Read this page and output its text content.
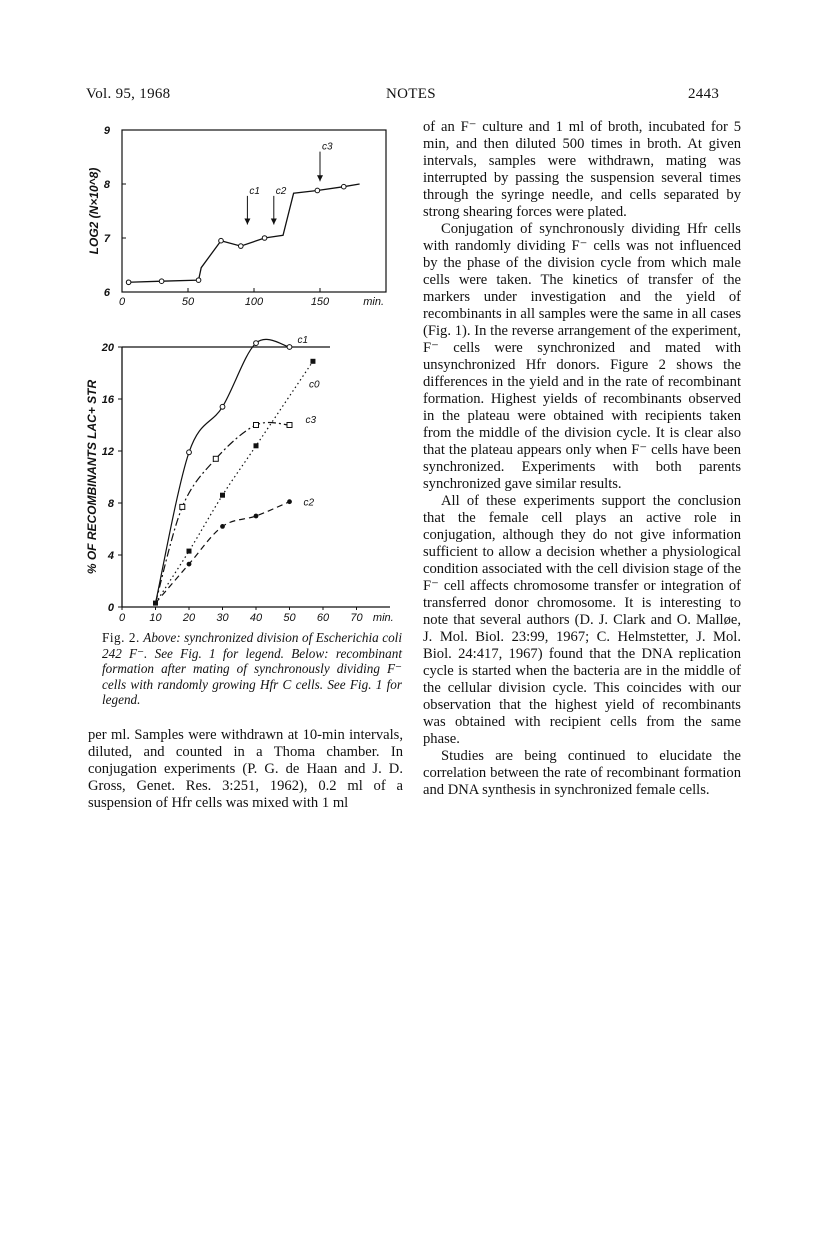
Vol. 95, 1968	NOTES	2443
6
7
8
9
0	50	100	150	min.
LOG2 (N×10^8)	c1 c2
c3
0
4
8
12
16
20
0 10 20 30 40 50 60 70 min.
% OF RECOMBINANTS LAC+ STR
c1
c0
c3
c2
Fig. 2. Above: synchronized division of Escherichia coli 242 F⁻. See Fig. 1 for legend. Below: recombinant formation after mating of synchronously dividing F⁻ cells with randomly growing Hfr C cells. See Fig. 1 for legend.

per ml. Samples were withdrawn at 10-min intervals, diluted, and counted in a Thoma chamber. In conjugation experiments (P. G. de Haan and J. D. Gross, Genet. Res. 3:251, 1962), 0.2 ml of a suspension of Hfr cells was mixed with 1 ml

of an F⁻ culture and 1 ml of broth, incubated for 5 min, and then diluted 500 times in broth. At given intervals, samples were withdrawn, mating was interrupted by passing the suspension several times through the syringe needle, and cells separated by strong shearing forces were plated.

Conjugation of synchronously dividing Hfr cells with randomly dividing F⁻ cells was not influenced by the phase of the division cycle from which male cells were taken. The kinetics of transfer of the markers under investigation and the yield of recombinants in all samples were the same in all cases (Fig. 1). In the reverse arrangement of the experiment, F⁻ cells were synchronized and mated with unsynchronized Hfr donors. Figure 2 shows the differences in the yield and in the rate of recombinant formation. Highest yields of recombinants observed in the plateau were obtained with recipients taken from the middle of the division cycle. It is clear also that the plateau appears only when F⁻ cells have been synchronized. Experiments with both parents synchronized gave similar results.

All of these experiments support the conclusion that the female cell plays an active role in conjugation, although they do not give information sufficient to allow a decision whether a physiological condition associated with the cell division stage of the F⁻ cell affects chromosome transfer or integration of transferred donor chromosome. It is interesting to note that several authors (D. J. Clark and O. Malløe, J. Mol. Biol. 23:99, 1967; C. Helmstetter, J. Mol. Biol. 24:417, 1967) found that the DNA replication cycle is started when the bacteria are in the middle of the cellular division cycle. This coincides with our observation that the highest yield of recombinants was obtained with recipient cells from the same phase.

Studies are being continued to elucidate the correlation between the rate of recombinant formation and DNA synthesis in synchronized female cells.
